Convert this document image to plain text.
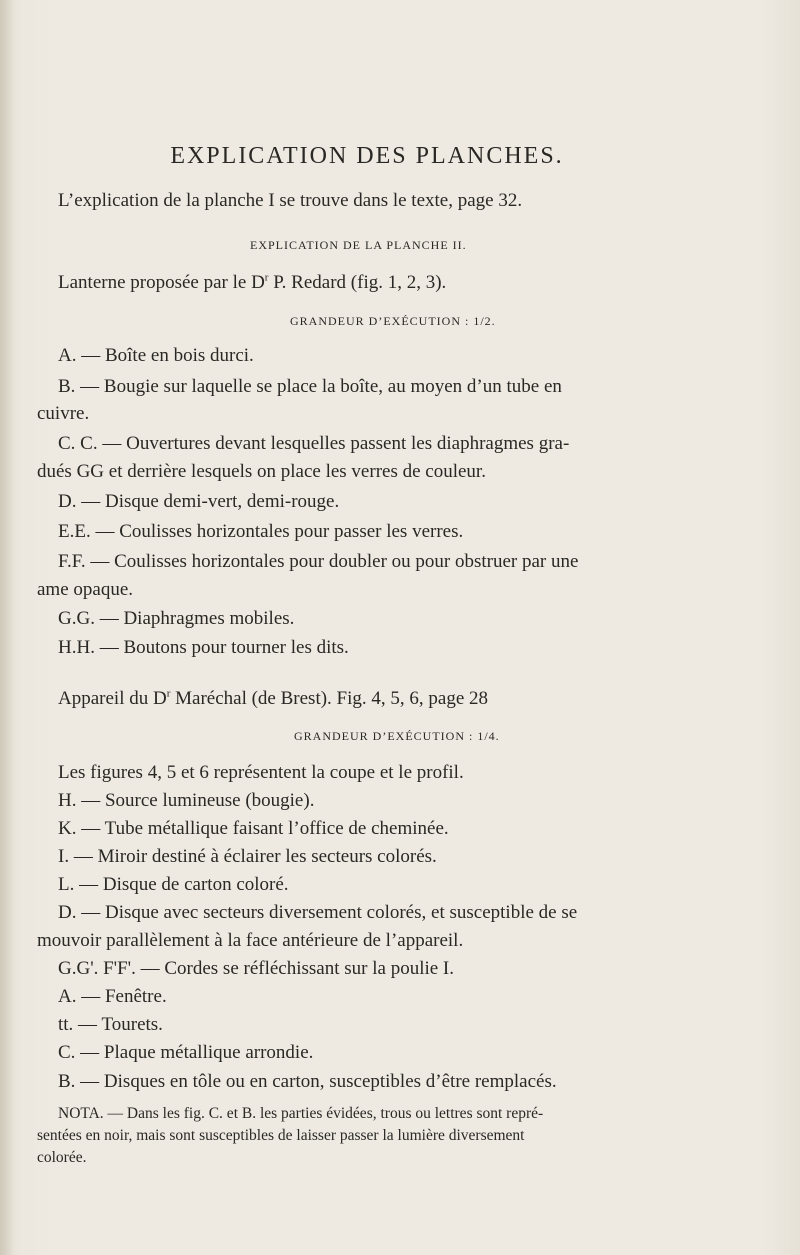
EXPLICATION DES PLANCHES.
L’explication de la planche I se trouve dans le texte, page 32.
EXPLICATION DE LA PLANCHE II.
Lanterne proposée par le $D^r$ P. Redard (fig. 1, 2, 3).
GRANDEUR D’EXÉCUTION : 1/2.
A. — Boîte en bois durci.
B. — Bougie sur laquelle se place la boîte, au moyen d’un tube en
cuivre.
C. C. — Ouvertures devant lesquelles passent les diaphragmes gra-
dués GG et derrière lesquels on place les verres de couleur.
D. — Disque demi-vert, demi-rouge.
E.E. — Coulisses horizontales pour passer les verres.
F.F. — Coulisses horizontales pour doubler ou pour obstruer par une
ame opaque.
G.G. — Diaphragmes mobiles.
H.H. — Boutons pour tourner les dits.
Appareil du $D^r$ Maréchal (de Brest). Fig. 4, 5, 6, page 28
GRANDEUR D’EXÉCUTION : 1/4.
Les figures 4, 5 et 6 représentent la coupe et le profil.
H. — Source lumineuse (bougie).
K. — Tube métallique faisant l’office de cheminée.
I. — Miroir destiné à éclairer les secteurs colorés.
L. — Disque de carton coloré.
D. — Disque avec secteurs diversement colorés, et susceptible de se
mouvoir parallèlement à la face antérieure de l’appareil.
G.G'. F'F'. — Cordes se réfléchissant sur la poulie I.
A. — Fenêtre.
tt. — Tourets.
C. — Plaque métallique arrondie.
B. — Disques en tôle ou en carton, susceptibles d’être remplacés.
NOTA. — Dans les fig. C. et B. les parties évidées, trous ou lettres sont repré-
sentées en noir, mais sont susceptibles de laisser passer la lumière diversement
colorée.
